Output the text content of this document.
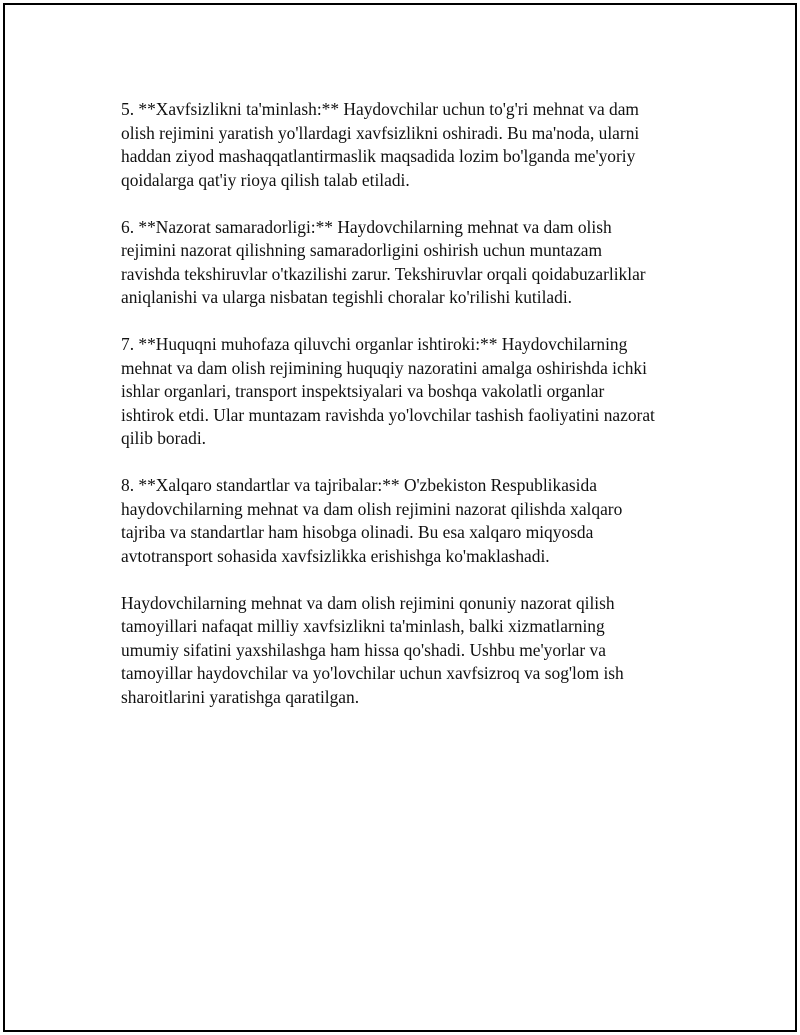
5. **Xavfsizlikni ta'minlash:** Haydovchilar uchun to'g'ri mehnat va dam
olish rejimini yaratish yo'llardagi xavfsizlikni oshiradi. Bu ma'noda, ularni
haddan ziyod mashaqqatlantirmaslik maqsadida lozim bo'lganda me'yoriy
qoidalarga qat'iy rioya qilish talab etiladi.

6. **Nazorat samaradorligi:** Haydovchilarning mehnat va dam olish
rejimini nazorat qilishning samaradorligini oshirish uchun muntazam
ravishda tekshiruvlar o'tkazilishi zarur. Tekshiruvlar orqali qoidabuzarliklar
aniqlanishi va ularga nisbatan tegishli choralar ko'rilishi kutiladi.

7. **Huquqni muhofaza qiluvchi organlar ishtiroki:** Haydovchilarning
mehnat va dam olish rejimining huquqiy nazoratini amalga oshirishda ichki
ishlar organlari, transport inspektsiyalari va boshqa vakolatli organlar
ishtirok etdi. Ular muntazam ravishda yo'lovchilar tashish faoliyatini nazorat
qilib boradi.

8. **Xalqaro standartlar va tajribalar:** O'zbekiston Respublikasida
haydovchilarning mehnat va dam olish rejimini nazorat qilishda xalqaro
tajriba va standartlar ham hisobga olinadi. Bu esa xalqaro miqyosda
avtotransport sohasida xavfsizlikka erishishga ko'maklashadi.

Haydovchilarning mehnat va dam olish rejimini qonuniy nazorat qilish
tamoyillari nafaqat milliy xavfsizlikni ta'minlash, balki xizmatlarning
umumiy sifatini yaxshilashga ham hissa qo'shadi. Ushbu me'yorlar va
tamoyillar haydovchilar va yo'lovchilar uchun xavfsizroq va sog'lom ish
sharoitlarini yaratishga qaratilgan.
